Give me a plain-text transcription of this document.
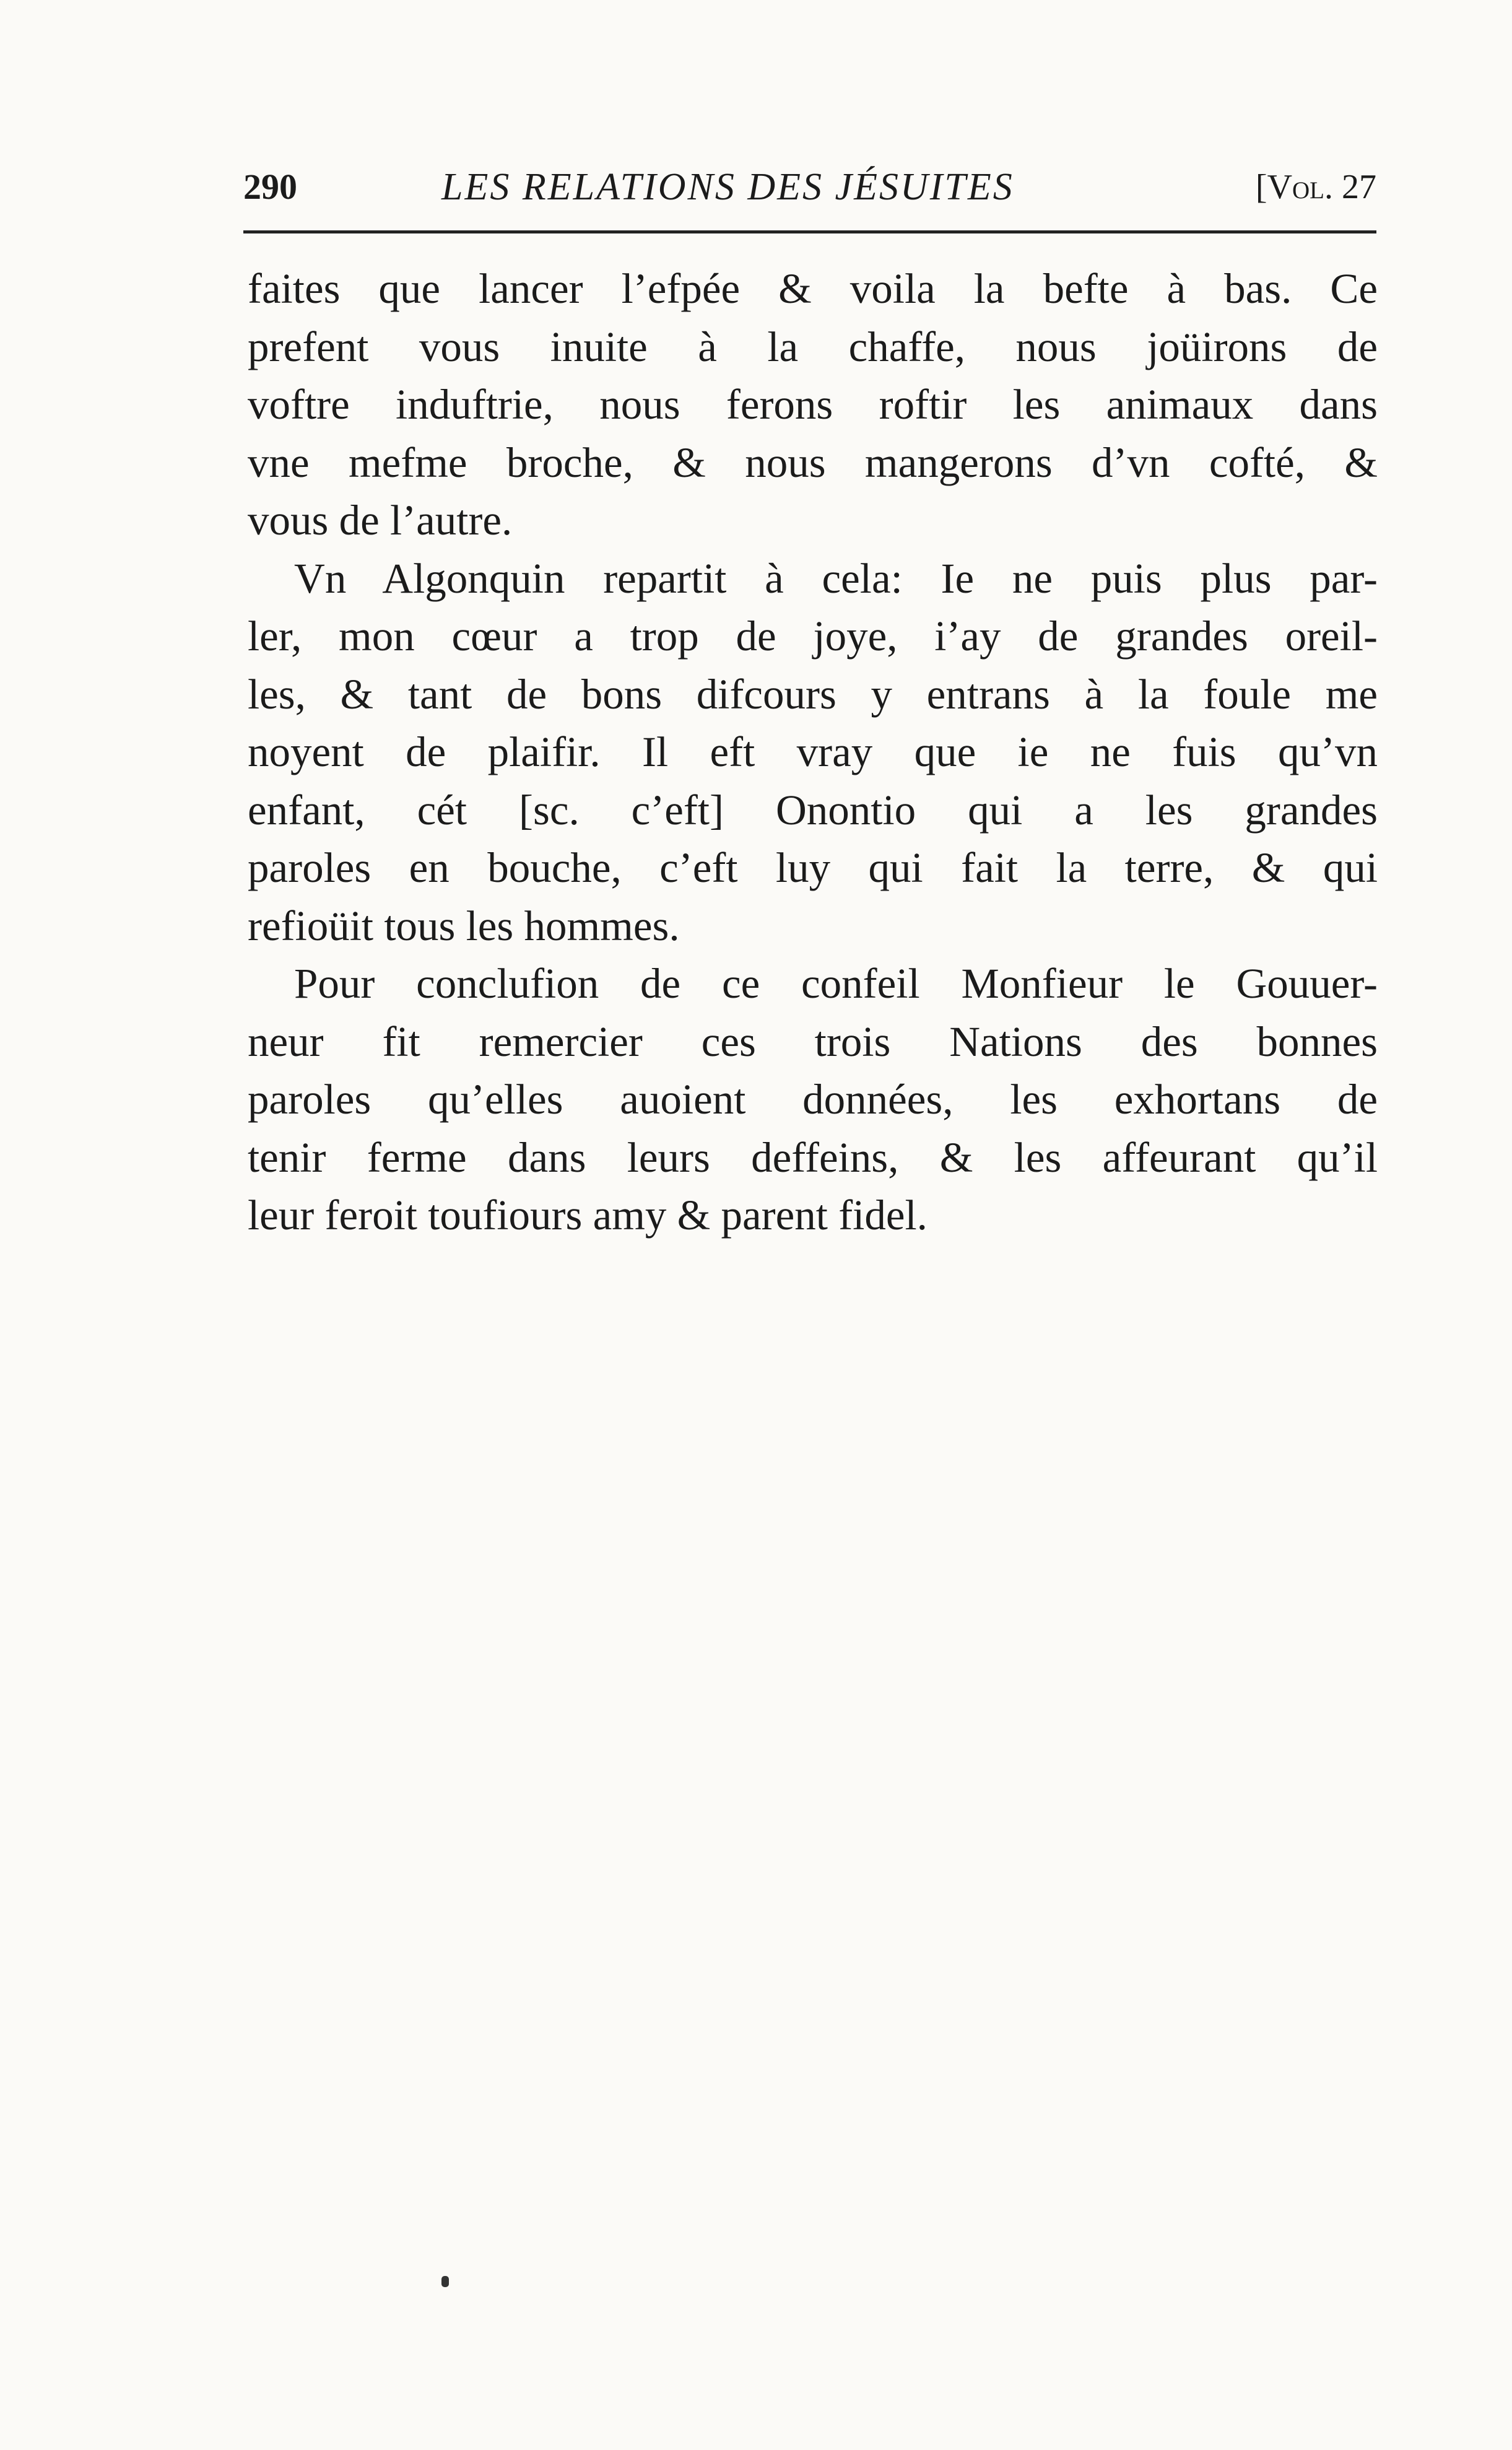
290	LES RELATIONS DES JÉSUITES	[Vol. 27
faites que lancer l’efpée & voila la befte à bas. Ce
prefent vous inuite à la chaffe, nous joüirons de
voftre induftrie, nous ferons roftir les animaux dans
vne mefme broche, & nous mangerons d’vn cofté, &
vous de l’autre.
Vn Algonquin repartit à cela: Ie ne puis plus par-
ler, mon cœur a trop de joye, i’ay de grandes oreil-
les, & tant de bons difcours y entrans à la foule me
noyent de plaifir. Il eft vray que ie ne fuis qu’vn
enfant, cét [sc. c’eft] Onontio qui a les grandes
paroles en bouche, c’eft luy qui fait la terre, & qui
refioüit tous les hommes.
Pour conclufion de ce confeil Monfieur le Gouuer-
neur fit remercier ces trois Nations des bonnes
paroles qu’elles auoient données, les exhortans de
tenir ferme dans leurs deffeins, & les affeurant qu’il
leur feroit toufiours amy & parent fidel.
